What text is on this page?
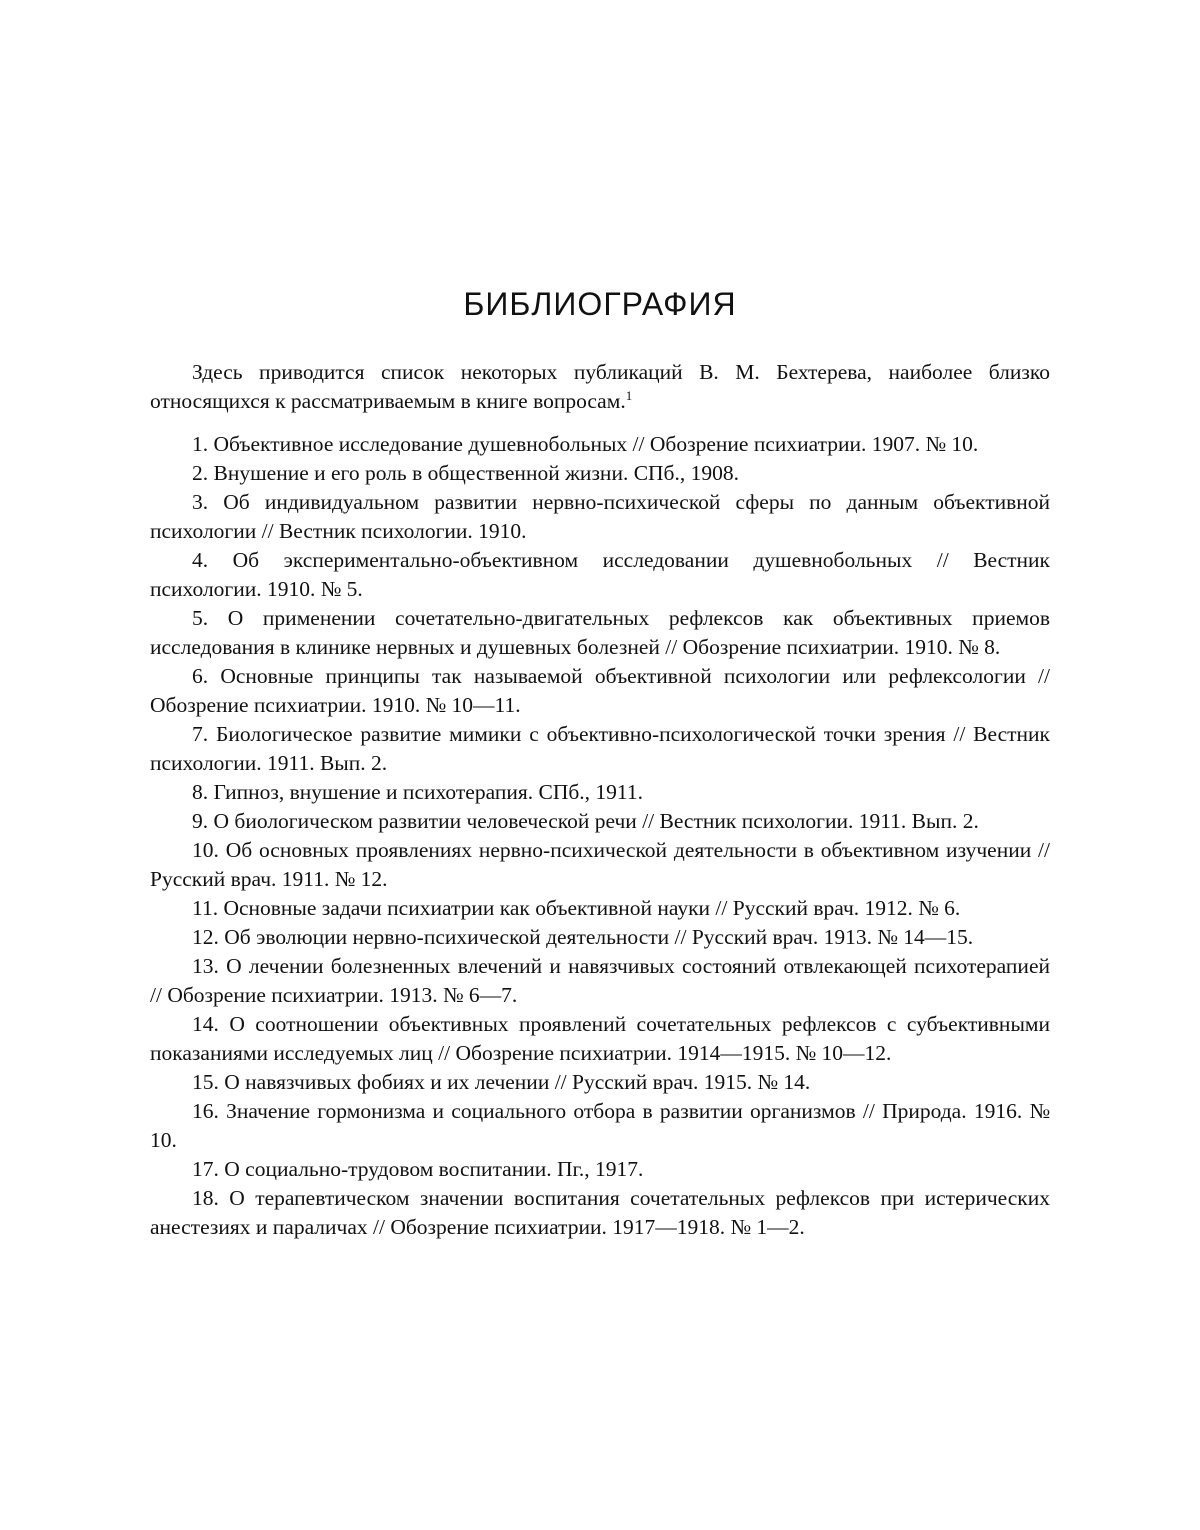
БИБЛИОГРАФИЯ

Здесь приводится список некоторых публикаций В. М. Бехтерева, наиболее близко относящихся к рассматриваемым в книге вопросам.$^1$

1. Объективное исследование душевнобольных // Обозрение психиатрии. 1907. № 10.
2. Внушение и его роль в общественной жизни. СПб., 1908.
3. Об индивидуальном развитии нервно-психической сферы по данным объективной психологии // Вестник психологии. 1910.
4. Об экспериментально-объективном исследовании душевнобольных // Вестник психологии. 1910. № 5.
5. О применении сочетательно-двигательных рефлексов как объективных приемов исследования в клинике нервных и душевных болезней // Обозрение психиатрии. 1910. № 8.
6. Основные принципы так называемой объективной психологии или рефлексологии // Обозрение психиатрии. 1910. № 10—11.
7. Биологическое развитие мимики с объективно-психологической точки зрения // Вестник психологии. 1911. Вып. 2.
8. Гипноз, внушение и психотерапия. СПб., 1911.
9. О биологическом развитии человеческой речи // Вестник психологии. 1911. Вып. 2.
10. Об основных проявлениях нервно-психической деятельности в объективном изучении // Русский врач. 1911. № 12.
11. Основные задачи психиатрии как объективной науки // Русский врач. 1912. № 6.
12. Об эволюции нервно-психической деятельности // Русский врач. 1913. № 14—15.
13. О лечении болезненных влечений и навязчивых состояний отвлекающей психотерапией // Обозрение психиатрии. 1913. № 6—7.
14. О соотношении объективных проявлений сочетательных рефлексов с субъективными показаниями исследуемых лиц // Обозрение психиатрии. 1914—1915. № 10—12.
15. О навязчивых фобиях и их лечении // Русский врач. 1915. № 14.
16. Значение гормонизма и социального отбора в развитии организмов // Природа. 1916. № 10.
17. О социально-трудовом воспитании. Пг., 1917.
18. О терапевтическом значении воспитания сочетательных рефлексов при истерических анестезиях и параличах // Обозрение психиатрии. 1917—1918. № 1—2.
